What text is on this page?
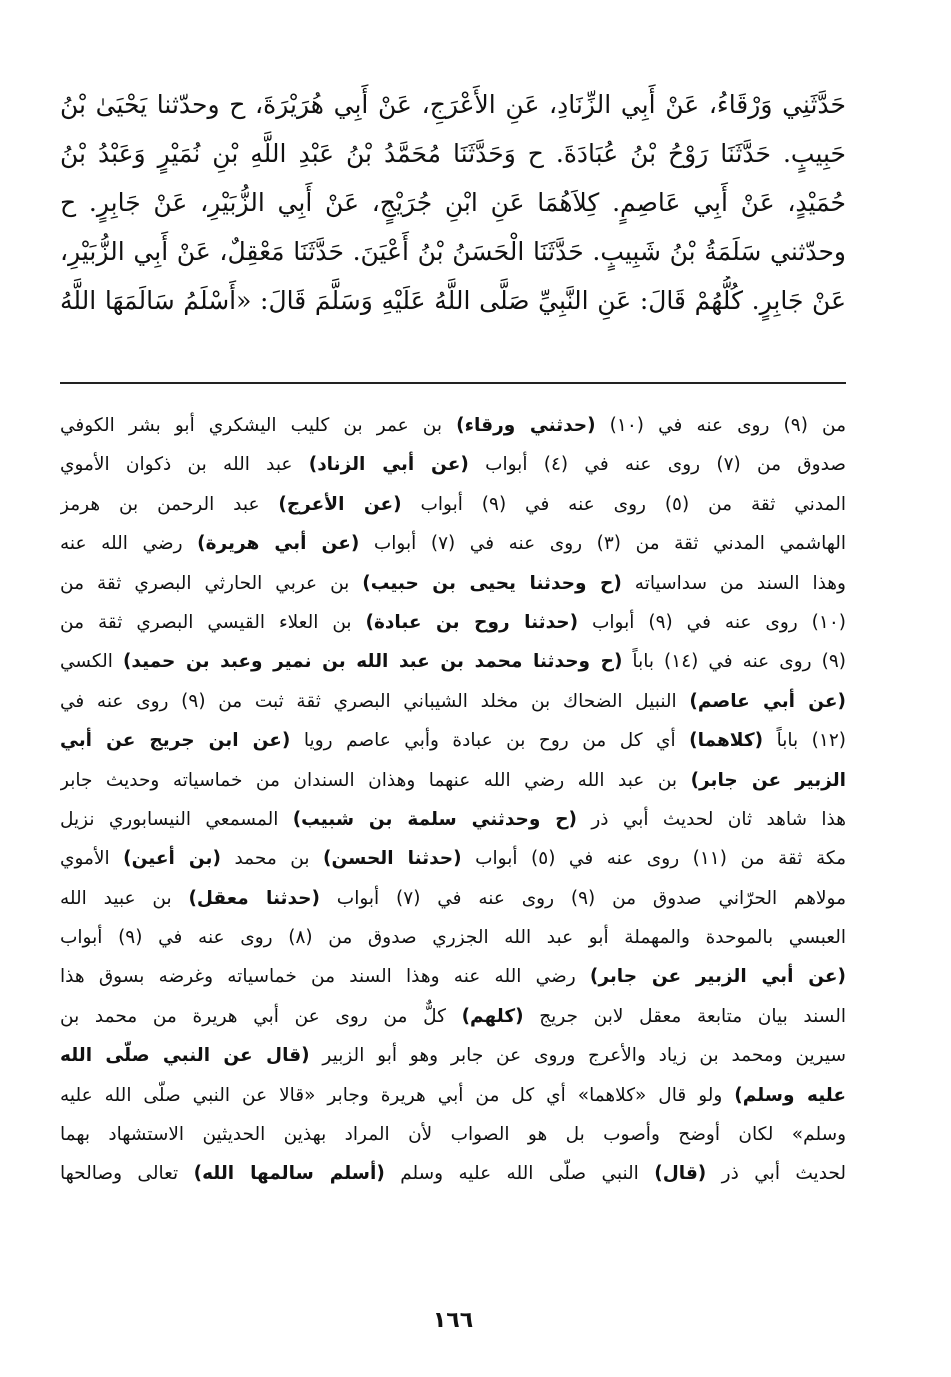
حَدَّثَنِي وَرْقَاءُ، عَنْ أَبِي الزِّنَادِ، عَنِ الأَعْرَجِ، عَنْ أَبِي هُرَيْرَةَ، ح وحدّثنا يَحْيَىٰ بْنُ
حَبِيبٍ. حَدَّثَنَا رَوْحُ بْنُ عُبَادَةَ. ح وَحَدَّثَنَا مُحَمَّدُ بْنُ عَبْدِ اللَّهِ بْنِ نُمَيْرٍ وَعَبْدُ بْنُ
حُمَيْدٍ، عَنْ أَبِي عَاصِمٍ. كِلاَهُمَا عَنِ ابْنِ جُرَيْجٍ، عَنْ أَبِي الزُّبَيْرِ، عَنْ جَابِرٍ. ح
وحدّثني سَلَمَةُ بْنُ شَبِيبٍ. حَدَّثَنَا الْحَسَنُ بْنُ أَعْيَنَ. حَدَّثَنَا مَعْقِلٌ، عَنْ أَبِي الزُّبَيْرِ،
عَنْ جَابِرٍ. كُلُّهُمْ قَالَ: عَنِ النَّبِيِّ صَلَّى اللَّهُ عَلَيْهِ وَسَلَّمَ قَالَ: «أَسْلَمُ سَالَمَهَا اللَّهُ
من (٩) روى عنه في (١٠) (حدثني ورقاء) بن عمر بن كليب اليشكري أبو بشر الكوفي
صدوق من (٧) روى عنه في (٤) أبواب (عن أبي الزناد) عبد الله بن ذكوان الأموي
المدني ثقة من (٥) روى عنه في (٩) أبواب (عن الأعرج) عبد الرحمن بن هرمز
الهاشمي المدني ثقة من (٣) روى عنه في (٧) أبواب (عن أبي هريرة) رضي الله عنه
وهذا السند من سداسياته (ح وحدثنا يحيى بن حبيب) بن عربي الحارثي البصري ثقة من
(١٠) روى عنه في (٩) أبواب (حدثنا روح بن عبادة) بن العلاء القيسي البصري ثقة من
(٩) روى عنه في (١٤) باباً (ح وحدثنا محمد بن عبد الله بن نمير وعبد بن حميد) الكسي
(عن أبي عاصم) النبيل الضحاك بن مخلد الشيباني البصري ثقة ثبت من (٩) روى عنه في
(١٢) باباً (كلاهما) أي كل من روح بن عبادة وأبي عاصم رويا (عن ابن جريج عن أبي
الزبير عن جابر) بن عبد الله رضي الله عنهما وهذان السندان من خماسياته وحديث جابر
هذا شاهد ثان لحديث أبي ذر (ح وحدثني سلمة بن شبيب) المسمعي النيسابوري نزيل
مكة ثقة من (١١) روى عنه في (٥) أبواب (حدثنا الحسن) بن محمد (بن أعين) الأموي
مولاهم الحرّاني صدوق من (٩) روى عنه في (٧) أبواب (حدثنا معقل) بن عبيد الله
العبسي بالموحدة والمهملة أبو عبد الله الجزري صدوق من (٨) روى عنه في (٩) أبواب
(عن أبي الزبير عن جابر) رضي الله عنه وهذا السند من خماسياته وغرضه بسوق هذا
السند بيان متابعة معقل لابن جريج (كلهم) كلٌّ من روى عن أبي هريرة من محمد بن
سيرين ومحمد بن زياد والأعرج وروى عن جابر وهو أبو الزبير (قال عن النبي صلّى الله
عليه وسلم) ولو قال «كلاهما» أي كل من أبي هريرة وجابر «قالا عن النبي صلّى الله عليه
وسلم» لكان أوضح وأصوب بل هو الصواب لأن المراد بهذين الحديثين الاستشهاد بهما
لحديث أبي ذر (قال) النبي صلّى الله عليه وسلم (أسلم سالمها الله) تعالى وصالحها
١٦٦
